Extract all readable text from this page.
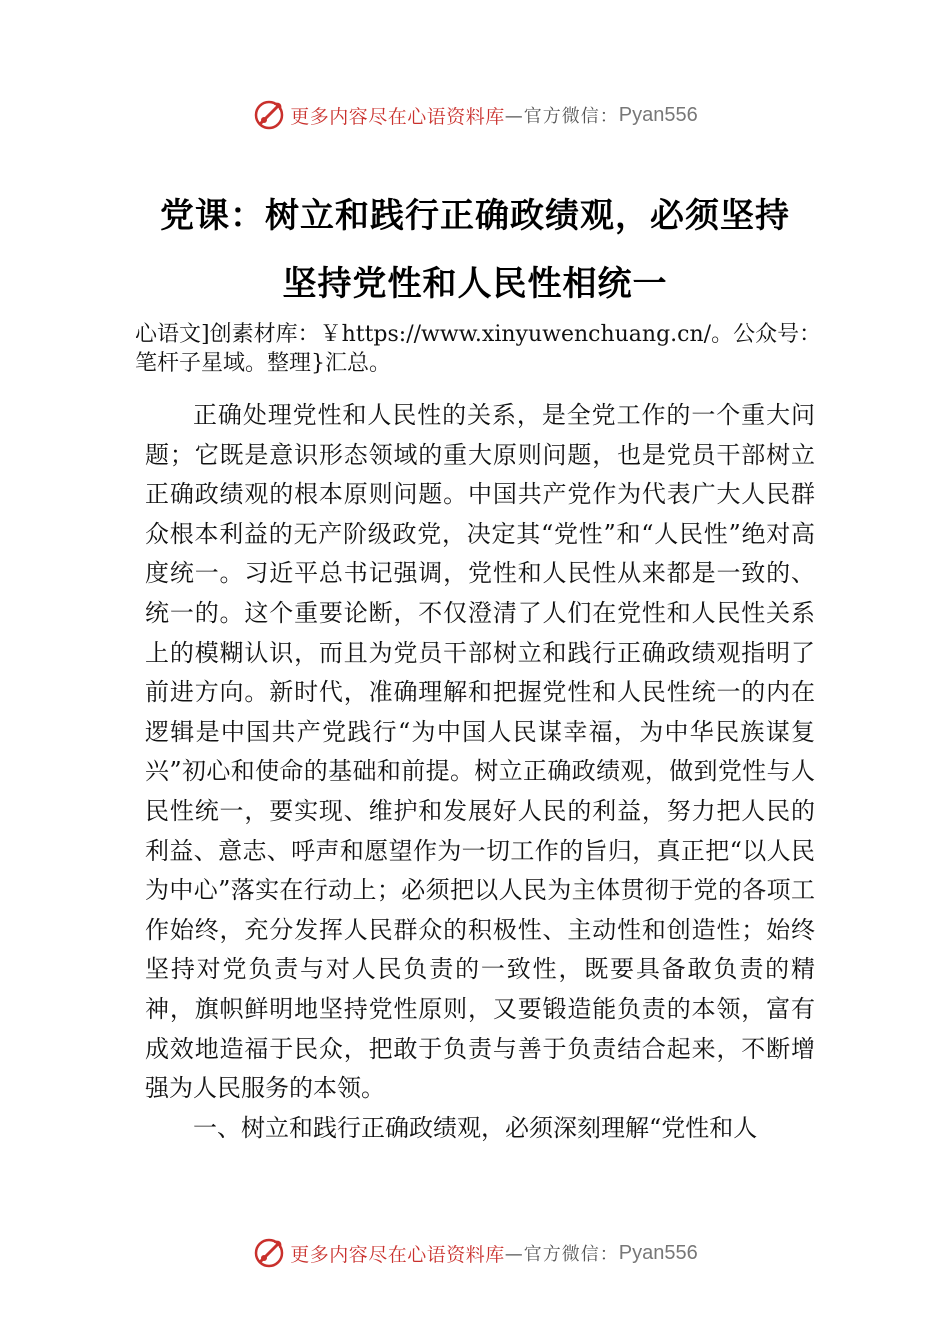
更多内容尽在心语资料库 —官方微信： Pyan556
党课：树立和践行正确政绩观，必须坚持
坚持党性和人民性相统一
心语文]创素材库：￥https://www.xinyuwenchuang.cn/。公众号：笔杆子星域。整理}汇总。

正确处理党性和人民性的关系，是全党工作的一个重大问题；它既是意识形态领域的重大原则问题，也是党员干部树立正确政绩观的根本原则问题。中国共产党作为代表广大人民群众根本利益的无产阶级政党，决定其“党性”和“人民性”绝对高度统一。习近平总书记强调，党性和人民性从来都是一致的、统一的。这个重要论断，不仅澄清了人们在党性和人民性关系上的模糊认识，而且为党员干部树立和践行正确政绩观指明了前进方向。新时代，准确理解和把握党性和人民性统一的内在逻辑是中国共产党践行“为中国人民谋幸福，为中华民族谋复兴”初心和使命的基础和前提。树立正确政绩观，做到党性与人民性统一，要实现、维护和发展好人民的利益，努力把人民的利益、意志、呼声和愿望作为一切工作的旨归，真正把“以人民为中心”落实在行动上；必须把以人民为主体贯彻于党的各项工作始终，充分发挥人民群众的积极性、主动性和创造性；始终坚持对党负责与对人民负责的一致性，既要具备敢负责的精神，旗帜鲜明地坚持党性原则，又要锻造能负责的本领，富有成效地造福于民众，把敢于负责与善于负责结合起来，不断增强为人民服务的本领。

一、树立和践行正确政绩观，必须深刻理解“党性和人

更多内容尽在心语资料库 —官方微信： Pyan556
